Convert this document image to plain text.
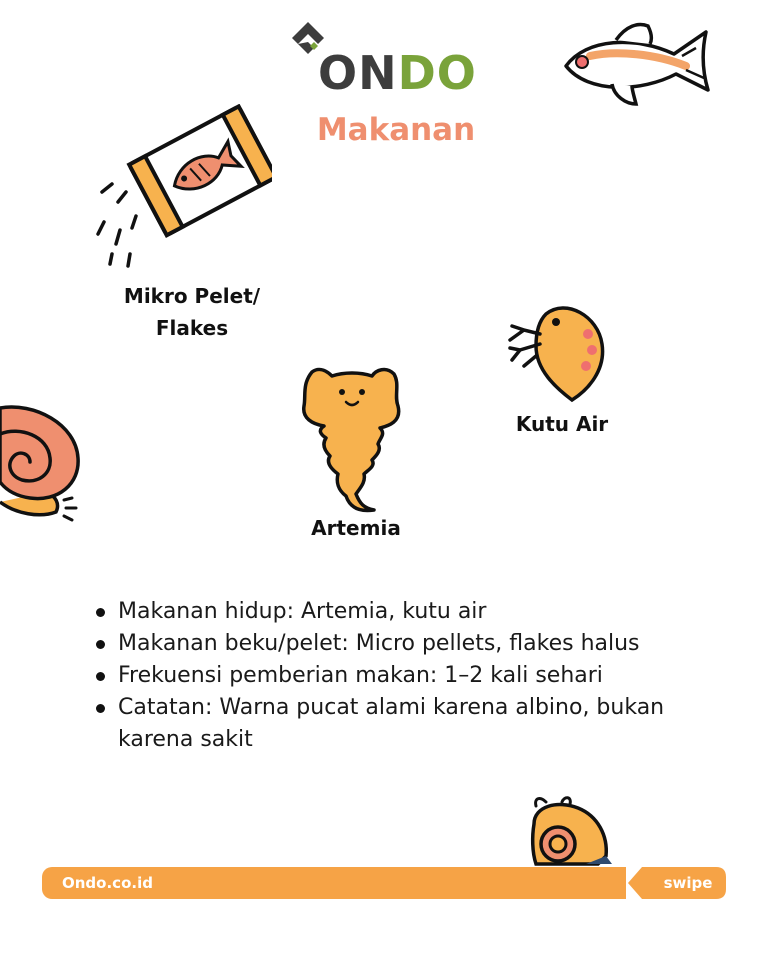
ONDO
Makanan
Mikro Pelet/
Flakes
Kutu Air
Artemia
Makanan hidup: Artemia, kutu air
Makanan beku/pelet: Micro pellets, flakes halus
Frekuensi pemberian makan: 1–2 kali sehari
Catatan: Warna pucat alami karena albino, bukan karena sakit
Ondo.co.id	swipe
